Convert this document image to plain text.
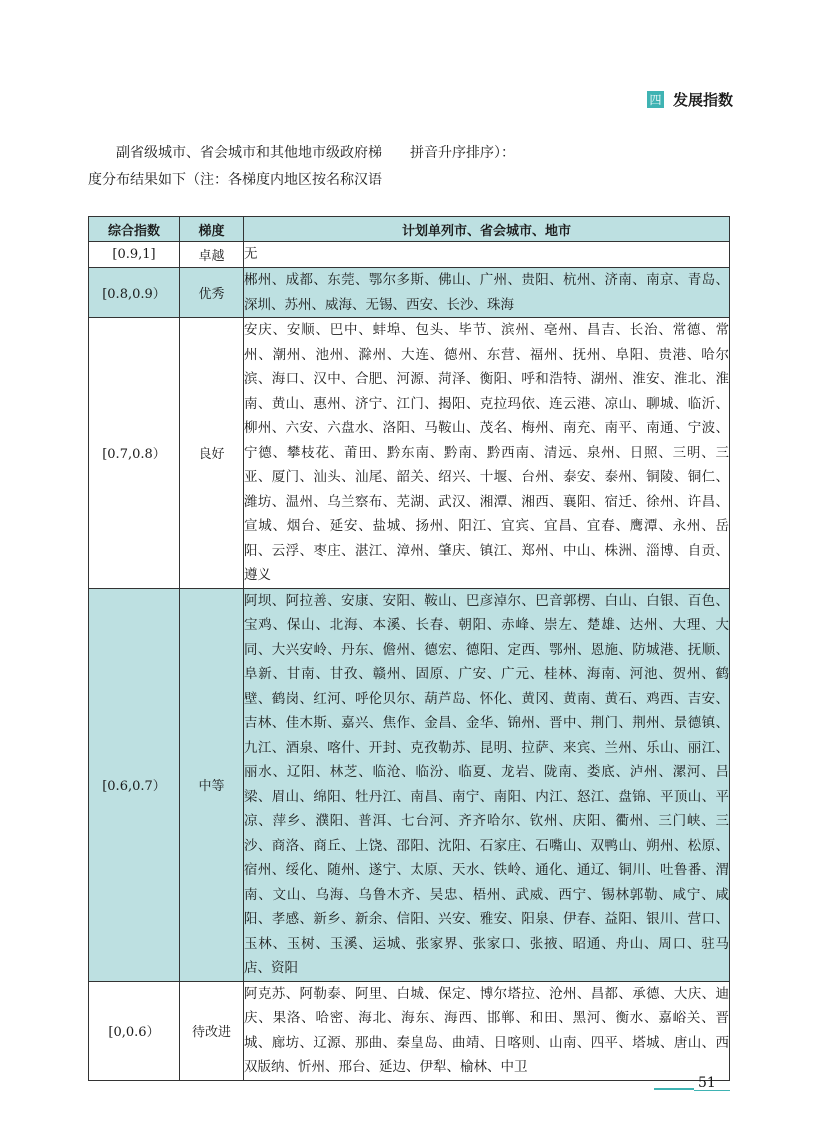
四 发展指数

副省级城市、省会城市和其他地市级政府梯　　拼音升序排序）：

度分布结果如下（注：各梯度内地区按名称汉语

综合指数	梯度	计划单列市、省会城市、地市
[0.9,1]	卓越	无
[0.8,0.9）	优秀	郴州、成都、东莞、鄂尔多斯、佛山、广州、贵阳、杭州、济南、南京、青岛、深圳、苏州、威海、无锡、西安、长沙、珠海
[0.7,0.8）	良好	安庆、安顺、巴中、蚌埠、包头、毕节、滨州、亳州、昌吉、长治、常德、常州、潮州、池州、滁州、大连、德州、东营、福州、抚州、阜阳、贵港、哈尔滨、海口、汉中、合肥、河源、菏泽、衡阳、呼和浩特、湖州、淮安、淮北、淮南、黄山、惠州、济宁、江门、揭阳、克拉玛依、连云港、凉山、聊城、临沂、柳州、六安、六盘水、洛阳、马鞍山、茂名、梅州、南充、南平、南通、宁波、宁德、攀枝花、莆田、黔东南、黔南、黔西南、清远、泉州、日照、三明、三亚、厦门、汕头、汕尾、韶关、绍兴、十堰、台州、泰安、泰州、铜陵、铜仁、潍坊、温州、乌兰察布、芜湖、武汉、湘潭、湘西、襄阳、宿迁、徐州、许昌、宣城、烟台、延安、盐城、扬州、阳江、宜宾、宜昌、宜春、鹰潭、永州、岳阳、云浮、枣庄、湛江、漳州、肇庆、镇江、郑州、中山、株洲、淄博、自贡、遵义
[0.6,0.7）	中等	阿坝、阿拉善、安康、安阳、鞍山、巴彦淖尔、巴音郭楞、白山、白银、百色、宝鸡、保山、北海、本溪、长春、朝阳、赤峰、崇左、楚雄、达州、大理、大同、大兴安岭、丹东、儋州、德宏、德阳、定西、鄂州、恩施、防城港、抚顺、阜新、甘南、甘孜、赣州、固原、广安、广元、桂林、海南、河池、贺州、鹤壁、鹤岗、红河、呼伦贝尔、葫芦岛、怀化、黄冈、黄南、黄石、鸡西、吉安、吉林、佳木斯、嘉兴、焦作、金昌、金华、锦州、晋中、荆门、荆州、景德镇、九江、酒泉、喀什、开封、克孜勒苏、昆明、拉萨、来宾、兰州、乐山、丽江、丽水、辽阳、林芝、临沧、临汾、临夏、龙岩、陇南、娄底、泸州、漯河、吕梁、眉山、绵阳、牡丹江、南昌、南宁、南阳、内江、怒江、盘锦、平顶山、平凉、萍乡、濮阳、普洱、七台河、齐齐哈尔、钦州、庆阳、衢州、三门峡、三沙、商洛、商丘、上饶、邵阳、沈阳、石家庄、石嘴山、双鸭山、朔州、松原、宿州、绥化、随州、遂宁、太原、天水、铁岭、通化、通辽、铜川、吐鲁番、渭南、文山、乌海、乌鲁木齐、吴忠、梧州、武威、西宁、锡林郭勒、咸宁、咸阳、孝感、新乡、新余、信阳、兴安、雅安、阳泉、伊春、益阳、银川、营口、玉林、玉树、玉溪、运城、张家界、张家口、张掖、昭通、舟山、周口、驻马店、资阳
[0,0.6）	待改进	阿克苏、阿勒泰、阿里、白城、保定、博尔塔拉、沧州、昌都、承德、大庆、迪庆、果洛、哈密、海北、海东、海西、邯郸、和田、黑河、衡水、嘉峪关、晋城、廊坊、辽源、那曲、秦皇岛、曲靖、日喀则、山南、四平、塔城、唐山、西双版纳、忻州、邢台、延边、伊犁、榆林、中卫
51
